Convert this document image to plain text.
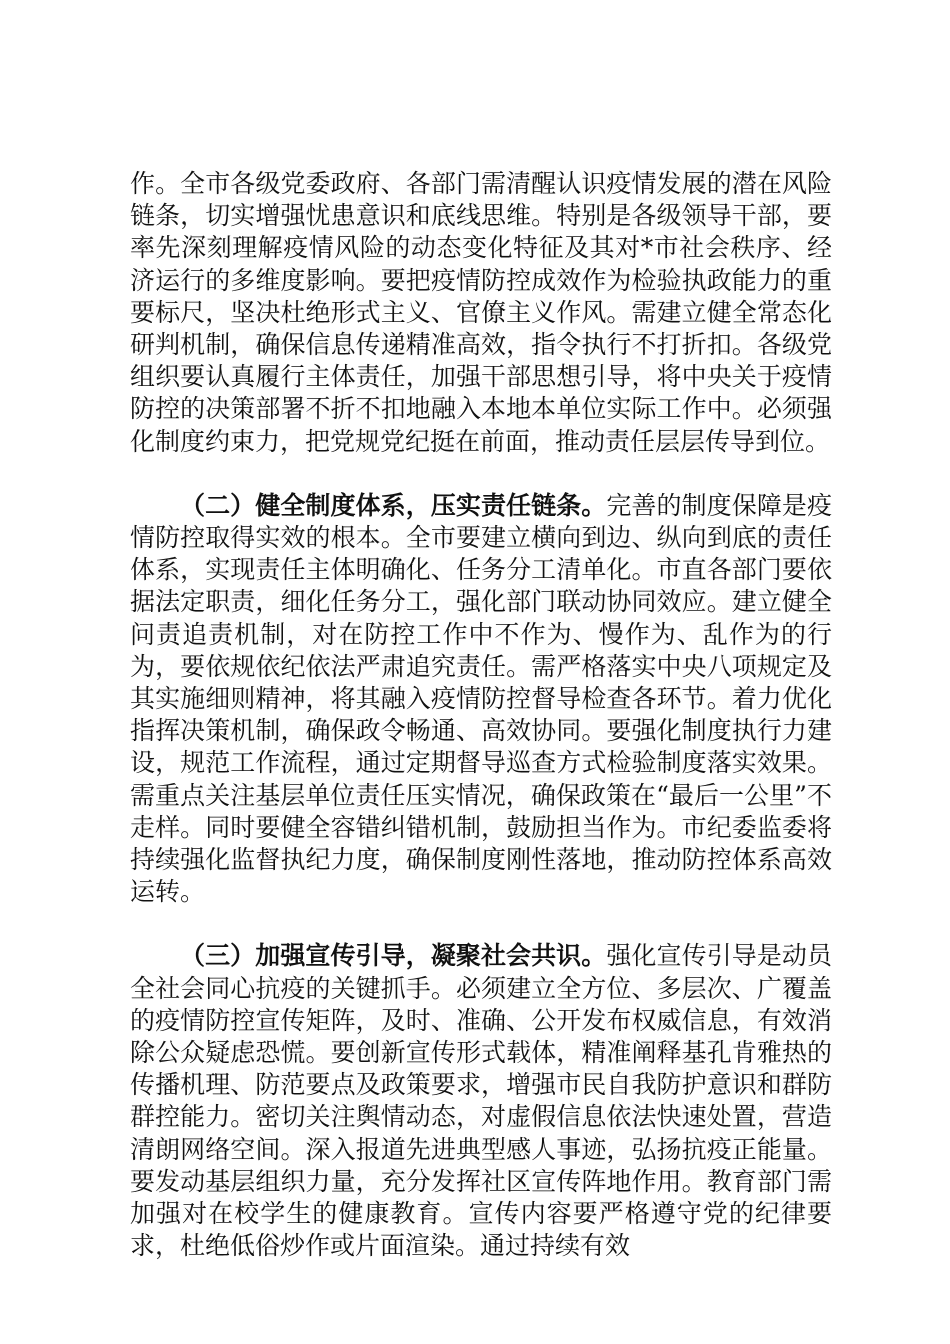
作。全市各级党委政府、各部门需清醒认识疫情发展的潜在风险链条，切实增强忧患意识和底线思维。特别是各级领导干部，要率先深刻理解疫情风险的动态变化特征及其对*市社会秩序、经济运行的多维度影响。要把疫情防控成效作为检验执政能力的重要标尺，坚决杜绝形式主义、官僚主义作风。需建立健全常态化研判机制，确保信息传递精准高效，指令执行不打折扣。各级党组织要认真履行主体责任，加强干部思想引导，将中央关于疫情防控的决策部署不折不扣地融入本地本单位实际工作中。必须强化制度约束力，把党规党纪挺在前面，推动责任层层传导到位。

（二）健全制度体系，压实责任链条。完善的制度保障是疫情防控取得实效的根本。全市要建立横向到边、纵向到底的责任体系，实现责任主体明确化、任务分工清单化。市直各部门要依据法定职责，细化任务分工，强化部门联动协同效应。建立健全问责追责机制，对在防控工作中不作为、慢作为、乱作为的行为，要依规依纪依法严肃追究责任。需严格落实中央八项规定及其实施细则精神，将其融入疫情防控督导检查各环节。着力优化指挥决策机制，确保政令畅通、高效协同。要强化制度执行力建设，规范工作流程，通过定期督导巡查方式检验制度落实效果。需重点关注基层单位责任压实情况，确保政策在“最后一公里”不走样。同时要健全容错纠错机制，鼓励担当作为。市纪委监委将持续强化监督执纪力度，确保制度刚性落地，推动防控体系高效运转。

（三）加强宣传引导，凝聚社会共识。强化宣传引导是动员全社会同心抗疫的关键抓手。必须建立全方位、多层次、广覆盖的疫情防控宣传矩阵，及时、准确、公开发布权威信息，有效消除公众疑虑恐慌。要创新宣传形式载体，精准阐释基孔肯雅热的传播机理、防范要点及政策要求，增强市民自我防护意识和群防群控能力。密切关注舆情动态，对虚假信息依法快速处置，营造清朗网络空间。深入报道先进典型感人事迹，弘扬抗疫正能量。要发动基层组织力量，充分发挥社区宣传阵地作用。教育部门需加强对在校学生的健康教育。宣传内容要严格遵守党的纪律要求，杜绝低俗炒作或片面渲染。通过持续有效
